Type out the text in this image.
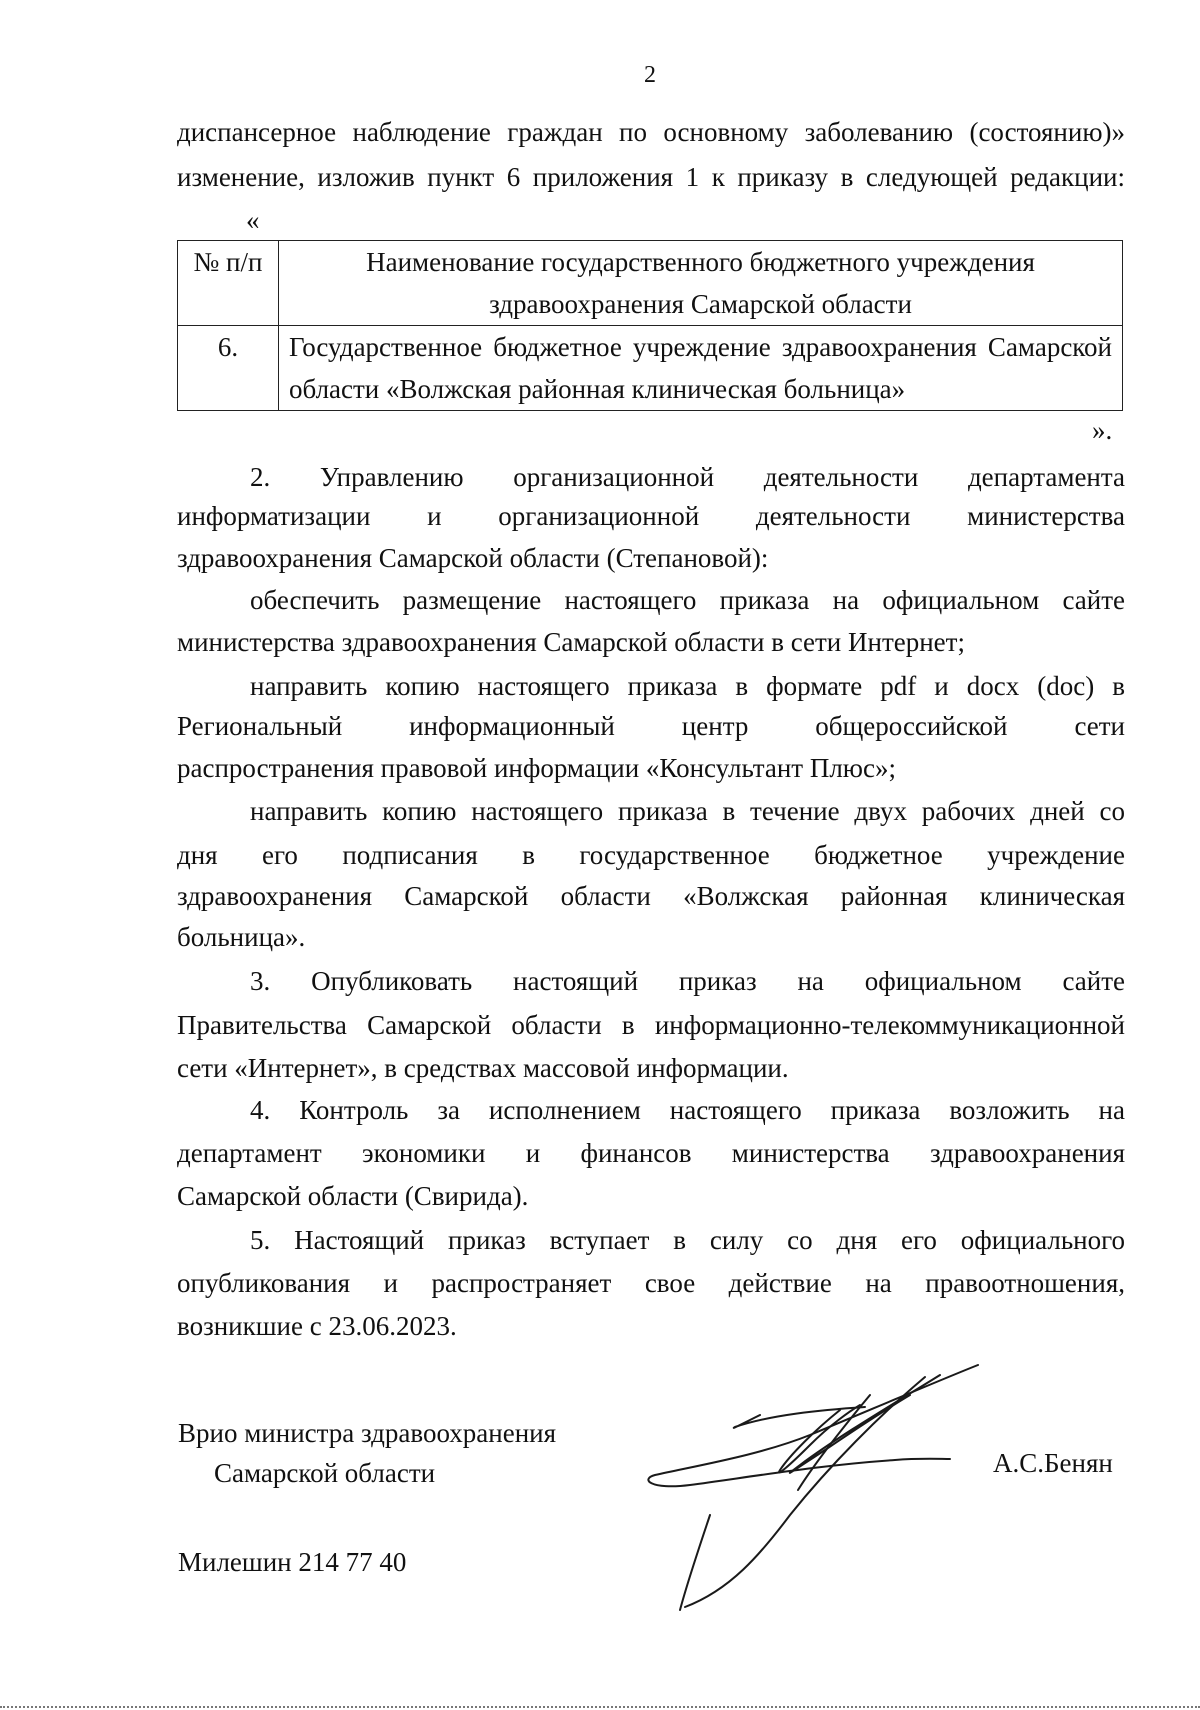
2
диспансерное наблюдение граждан по основному заболеванию (состоянию)»
изменение, изложив пункт 6 приложения 1 к приказу в следующей редакции:
«
№ п/п	Наименование государственного бюджетного учреждения здравоохранения Самарской области
6.	Государственное бюджетное учреждение здравоохранения Самарской области «Волжская районная клиническая больница»
».
2. Управлению организационной деятельности департамента
информатизации и организационной деятельности министерства
здравоохранения Самарской области (Степановой):
обеспечить размещение настоящего приказа на официальном сайте
министерства здравоохранения Самарской области в сети Интернет;
направить копию настоящего приказа в формате pdf и docx (doc) в
Региональный информационный центр общероссийской сети
распространения правовой информации «Консультант Плюс»;
направить копию настоящего приказа в течение двух рабочих дней со
дня его подписания в государственное бюджетное учреждение
здравоохранения Самарской области «Волжская районная клиническая
больница».
3. Опубликовать настоящий приказ на официальном сайте
Правительства Самарской области в информационно-телекоммуникационной
сети «Интернет», в средствах массовой информации.
4. Контроль за исполнением настоящего приказа возложить на
департамент экономики и финансов министерства здравоохранения
Самарской области (Свирида).
5. Настоящий приказ вступает в силу со дня его официального
опубликования и распространяет свое действие на правоотношения,
возникшие с 23.06.2023.
Врио министра здравоохранения
Самарской области	А.С.Бенян
Милешин 214 77 40
